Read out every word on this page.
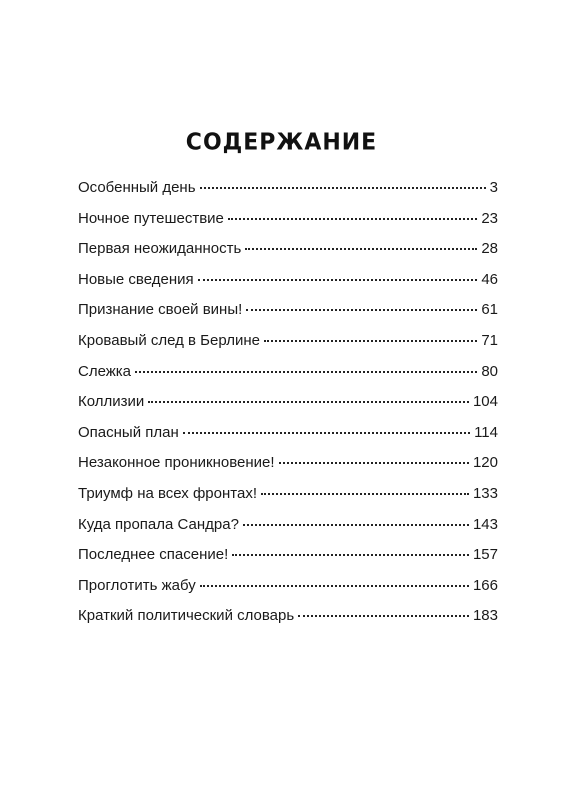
СОДЕРЖАНИЕ
Особенный день	3
Ночное путешествие	23
Первая неожиданность	28
Новые сведения	46
Признание своей вины!	61
Кровавый след в Берлине	71
Слежка	80
Коллизии	104
Опасный план	114
Незаконное проникновение!	120
Триумф на всех фронтах!	133
Куда пропала Сандра?	143
Последнее спасение!	157
Проглотить жабу	166
Краткий политический словарь	183
